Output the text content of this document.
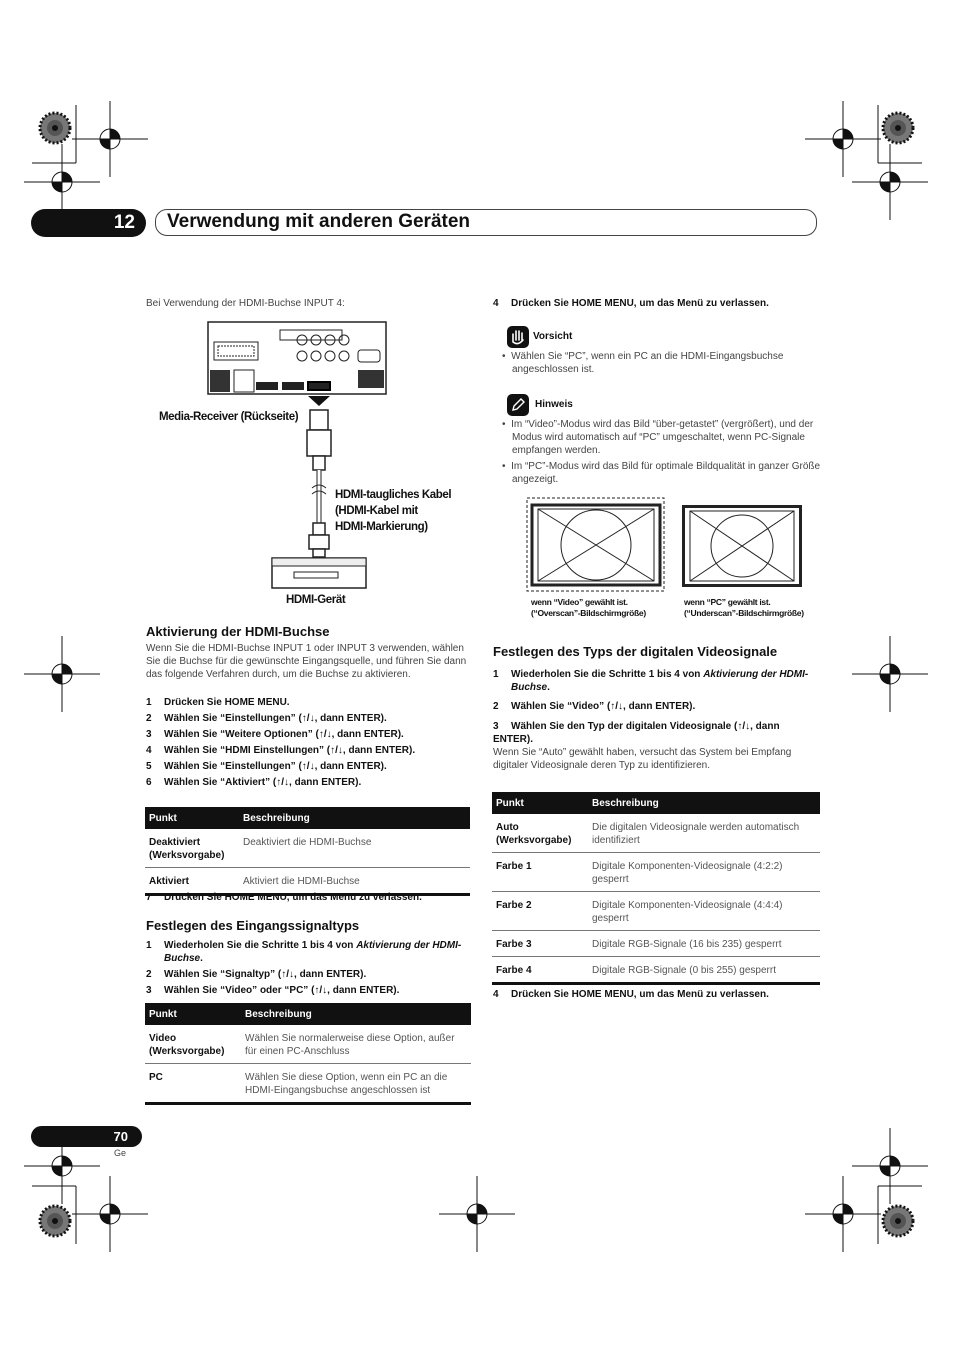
12	Verwendung mit anderen Geräten
Bei Verwendung der HDMI-Buchse INPUT 4:
Media-Receiver (Rückseite)
HDMI-taugliches Kabel
(HDMI-Kabel mit
HDMI-Markierung)
HDMI-Gerät
Aktivierung der HDMI-Buchse
Wenn Sie die HDMI-Buchse INPUT 1 oder INPUT 3 verwenden, wählen Sie die Buchse für die gewünschte Eingangsquelle, und führen Sie dann das folgende Verfahren durch, um die Buchse zu aktivieren.
1 Drücken Sie HOME MENU.
2 Wählen Sie “Einstellungen” (↑/↓, dann ENTER).
3 Wählen Sie “Weitere Optionen” (↑/↓, dann ENTER).
4 Wählen Sie “HDMI Einstellungen” (↑/↓, dann ENTER).
5 Wählen Sie “Einstellungen” (↑/↓, dann ENTER).
6 Wählen Sie “Aktiviert” (↑/↓, dann ENTER).
Punkt	Beschreibung
Deaktiviert
(Werksvorgabe)	Deaktiviert die HDMI-Buchse
Aktiviert	Aktiviert die HDMI-Buchse
7 Drücken Sie HOME MENU, um das Menü zu verlassen.
Festlegen des Eingangssignaltyps
1 Wiederholen Sie die Schritte 1 bis 4 von Aktivierung der HDMI-Buchse.
2 Wählen Sie “Signaltyp” (↑/↓, dann ENTER).
3 Wählen Sie “Video” oder “PC” (↑/↓, dann ENTER).
Punkt	Beschreibung
Video
(Werksvorgabe)	Wählen Sie normalerweise diese Option, außer für einen PC-Anschluss
PC	Wählen Sie diese Option, wenn ein PC an die HDMI-Eingangsbuchse angeschlossen ist
4 Drücken Sie HOME MENU, um das Menü zu verlassen.
Vorsicht
•  Wählen Sie “PC”, wenn ein PC an die HDMI-Eingangsbuchse angeschlossen ist.
Hinweis
•  Im “Video”-Modus wird das Bild “über-getastet” (vergrößert), und der Modus wird automatisch auf “PC” umgeschaltet, wenn PC-Signale empfangen werden.
•  Im “PC”-Modus wird das Bild für optimale Bildqualität in ganzer Größe angezeigt.
wenn “Video” gewählt ist.
(“Overscan”-Bildschirmgröße)
wenn “PC” gewählt ist.
(“Underscan”-Bildschirmgröße)
Festlegen des Typs der digitalen Videosignale
1 Wiederholen Sie die Schritte 1 bis 4 von Aktivierung der HDMI-Buchse.
2 Wählen Sie “Video” (↑/↓, dann ENTER).
3 Wählen Sie den Typ der digitalen Videosignale (↑/↓, dann ENTER).
Wenn Sie “Auto” gewählt haben, versucht das System bei Empfang digitaler Videosignale deren Typ zu identifizieren.
Punkt	Beschreibung
Auto
(Werksvorgabe)	Die digitalen Videosignale werden automatisch identifiziert
Farbe 1	Digitale Komponenten-Videosignale (4:2:2) gesperrt
Farbe 2	Digitale Komponenten-Videosignale (4:4:4) gesperrt
Farbe 3	Digitale RGB-Signale (16 bis 235) gesperrt
Farbe 4	Digitale RGB-Signale (0 bis 255) gesperrt
4 Drücken Sie HOME MENU, um das Menü zu verlassen.
70
Ge
